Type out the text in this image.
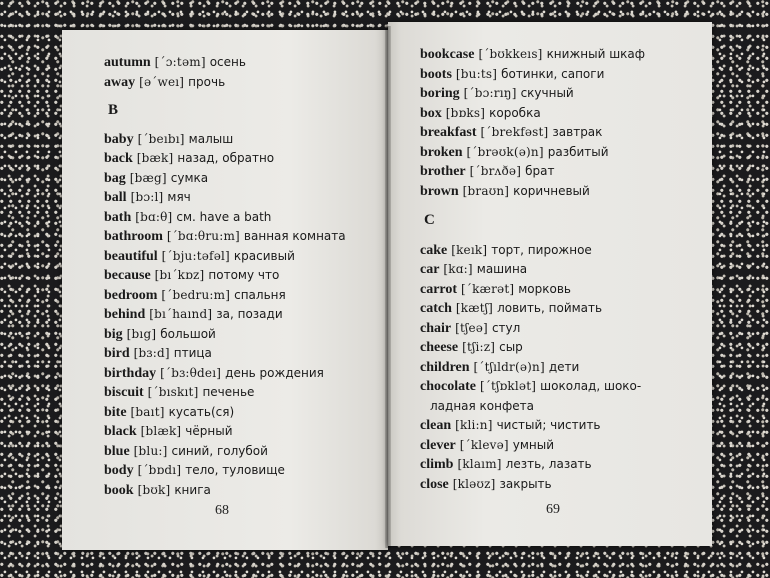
autumn [ˊɔ:təm] осень
away [əˊweı] прочь
B
baby [ˊbeıbı] малыш
back [bæk] назад, обратно
bag [bæg] сумка
ball [bɔ:l] мяч
bath [bɑ:θ] см. have a bath
bathroom [ˊbɑ:θru:m] ванная комната
beautiful [ˊbju:təfəl] красивый
because [bıˊkɒz] потому что
bedroom [ˊbedru:m] спальня
behind [bıˊhaınd] за, позади
big [bıg] большой
bird [bɜ:d] птица
birthday [ˊbɜ:θdeı] день рождения
biscuit [ˊbıskıt] печенье
bite [baıt] кусать(ся)
black [blæk] чёрный
blue [blu:] синий, голубой
body [ˊbɒdı] тело, туловище
book [bʊk] книга
68
bookcase [ˊbʊkkeıs] книжный шкаф
boots [bu:ts] ботинки, сапоги
boring [ˊbɔ:rıŋ] скучный
box [bɒks] коробка
breakfast [ˊbrekfəst] завтрак
broken [ˊbrəʊk(ə)n] разбитый
brother [ˊbrʌðə] брат
brown [braʊn] коричневый
C
cake [keık] торт, пирожное
car [kɑ:] машина
carrot [ˊkærət] морковь
catch [kætʃ] ловить, поймать
chair [tʃeə] стул
cheese [tʃi:z] сыр
children [ˊtʃıldr(ə)n] дети
chocolate [ˊtʃɒklət] шоколад, шоко-
ладная конфета
clean [kli:n] чистый; чистить
clever [ˊklevə] умный
climb [klaım] лезть, лазать
close [kləʊz] закрыть
69
